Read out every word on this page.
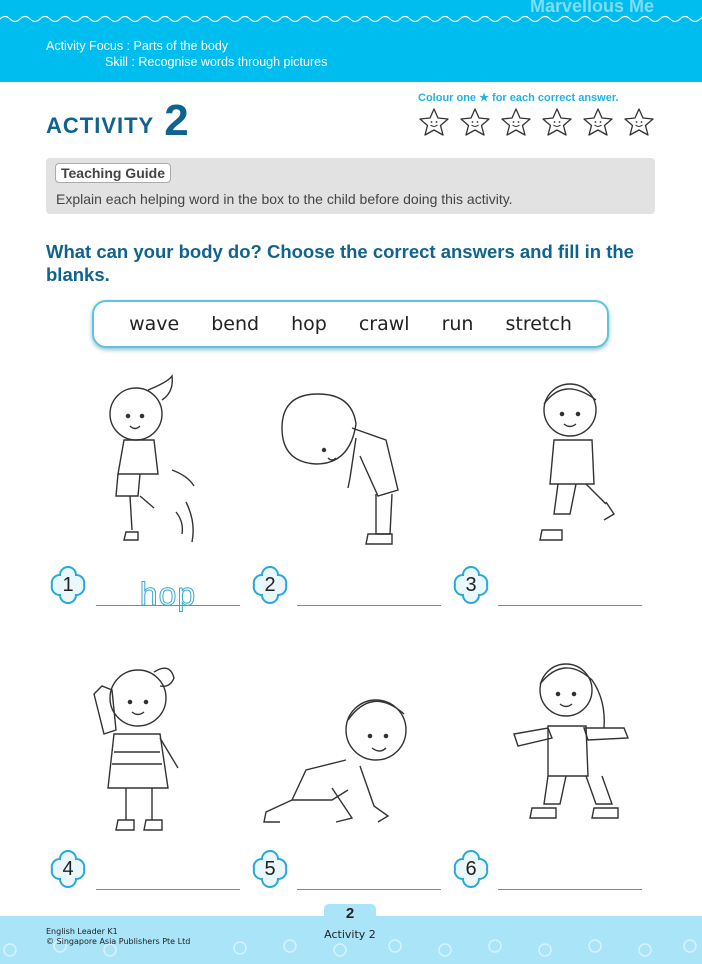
Marvellous Me
Activity Focus : Parts of the body
Skill : Recognise words through pictures
ACTIVITY 2	Colour one ★ for each correct answer.
Teaching Guide
Explain each helping word in the box to the child before doing this activity.
What can your body do? Choose the correct answers and fill in the blanks.
wave bend hop crawl run stretch
1	hop	2	3
4	5	6
2
Activity 2
English Leader K1
© Singapore Asia Publishers Pte Ltd
